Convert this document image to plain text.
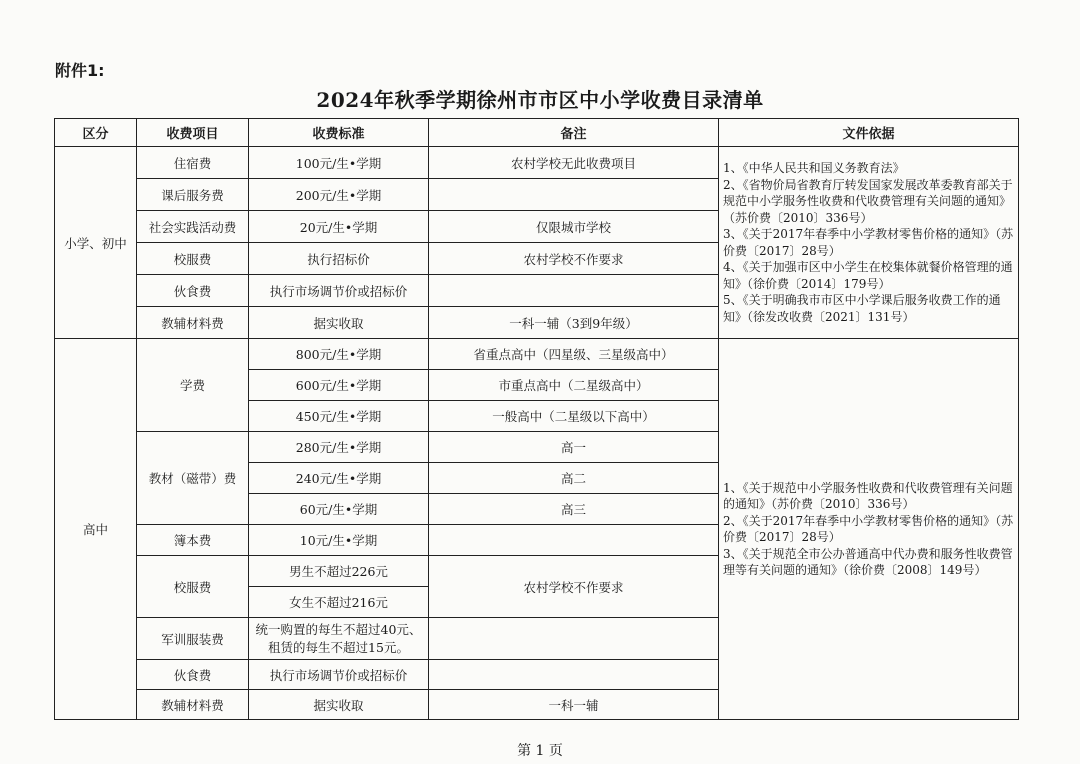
附件1:
2024年秋季学期徐州市市区中小学收费目录清单
区分	收费项目	收费标准	备注	文件依据
小学、初中	住宿费	100元/生•学期	农村学校无此收费项目	1、《中华人民共和国义务教育法》
2、《省物价局省教育厅转发国家发展改革委教育部关于规范中小学服务性收费和代收费管理有关问题的通知》（苏价费〔2010〕336号）
3、《关于2017年春季中小学教材零售价格的通知》（苏价费〔2017〕28号）
4、《关于加强市区中小学生在校集体就餐价格管理的通知》（徐价费〔2014〕179号）
5、《关于明确我市市区中小学课后服务收费工作的通知》（徐发改收费〔2021〕131号）

	课后服务费	200元/生•学期		
	社会实践活动费	20元/生•学期	仅限城市学校	
	校服费	执行招标价	农村学校不作要求	
	伙食费	执行市场调节价或招标价		
	教辅材料费	据实收取	一科一辅（3到9年级）	
高中	学费	800元/生•学期	省重点高中（四星级、三星级高中）	1、《关于规范中小学服务性收费和代收费管理有关问题的通知》（苏价费〔2010〕336号）
2、《关于2017年春季中小学教材零售价格的通知》（苏价费〔2017〕28号）
3、《关于规范全市公办普通高中代办费和服务性收费管理等有关问题的通知》（徐价费〔2008〕149号）

		600元/生•学期	市重点高中（二星级高中）	
		450元/生•学期	一般高中（二星级以下高中）	
	教材（磁带）费	280元/生•学期	高一	
		240元/生•学期	高二	
		60元/生•学期	高三	
	簿本费	10元/生•学期		
	校服费	男生不超过226元	农村学校不作要求	
		女生不超过216元		
	军训服装费	统一购置的每生不超过40元、
租赁的每生不超过15元。		

	伙食费	执行市场调节价或招标价		
	教辅材料费	据实收取	一科一辅	
第 1 页
